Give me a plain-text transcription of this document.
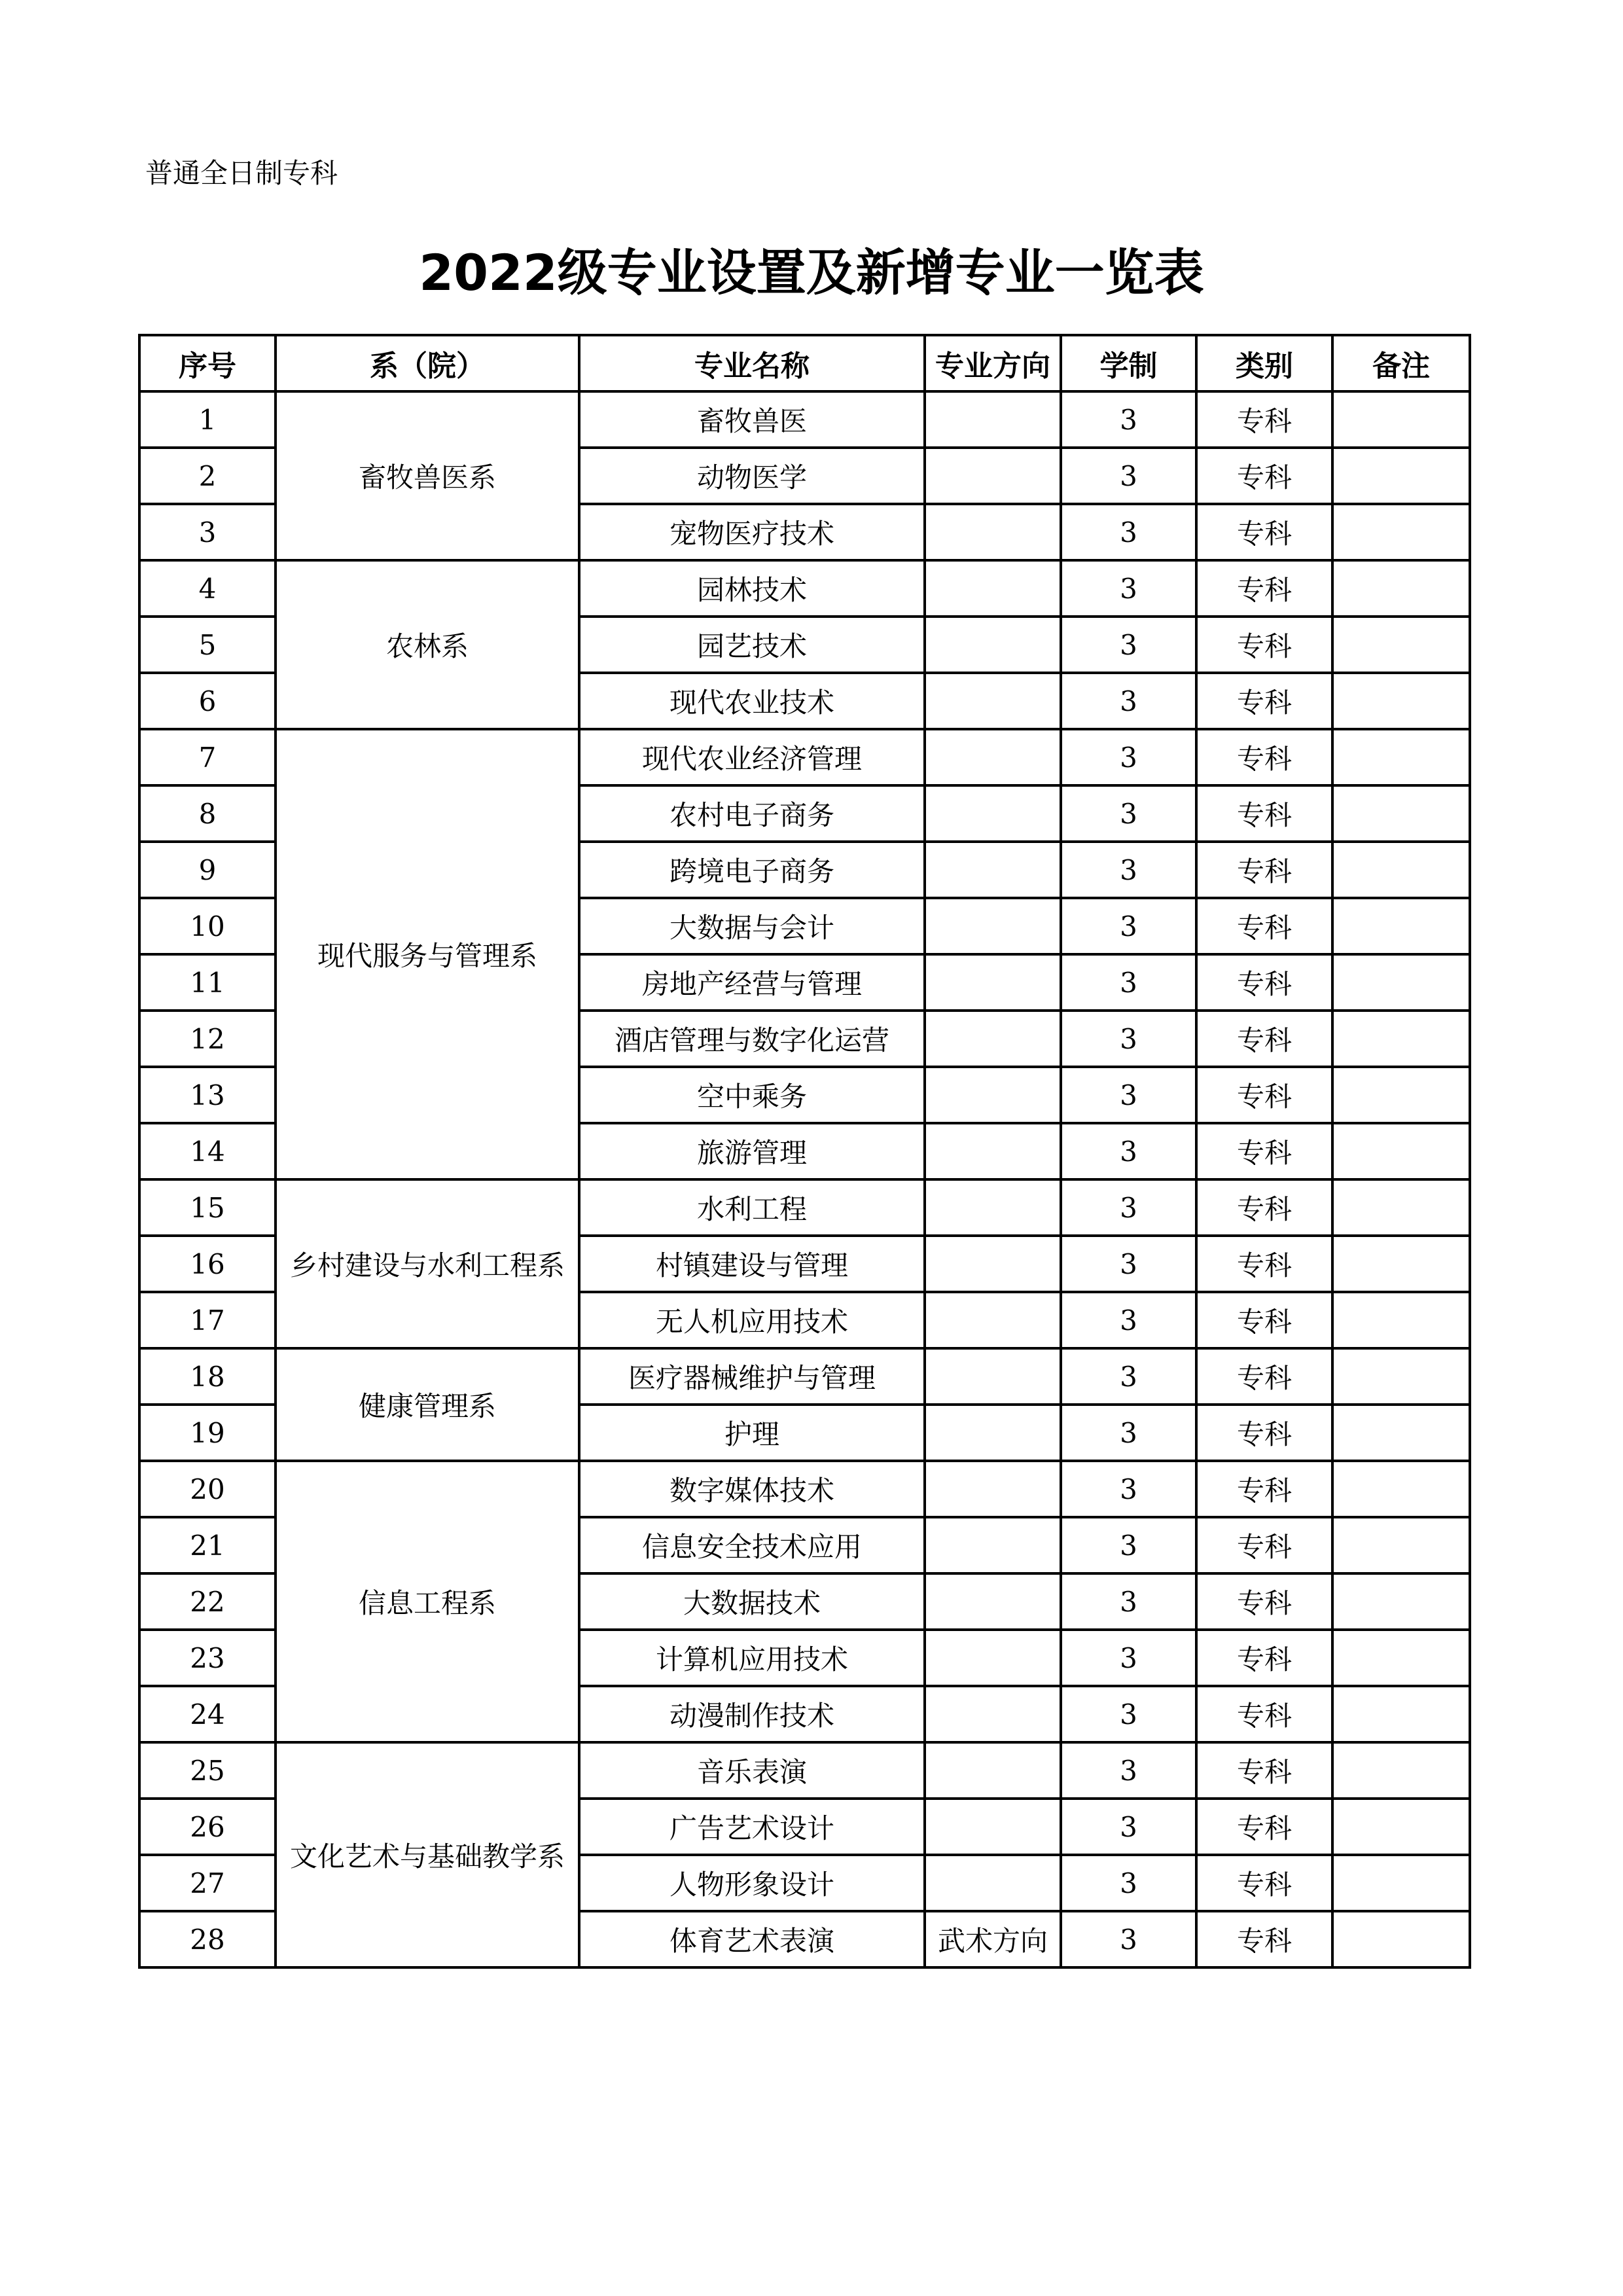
普通全日制专科
2022级专业设置及新增专业一览表
序号	系（院）	专业名称	专业方向	学制	类别	备注
1	畜牧兽医系	畜牧兽医		3	专科	
2		动物医学		3	专科	
3		宠物医疗技术		3	专科	
4	农林系	园林技术		3	专科	
5		园艺技术		3	专科	
6		现代农业技术		3	专科	
7	现代服务与管理系	现代农业经济管理		3	专科	
8		农村电子商务		3	专科	
9		跨境电子商务		3	专科	
10		大数据与会计		3	专科	
11		房地产经营与管理		3	专科	
12		酒店管理与数字化运营		3	专科	
13		空中乘务		3	专科	
14		旅游管理		3	专科	
15	乡村建设与水利工程系	水利工程		3	专科	
16		村镇建设与管理		3	专科	
17		无人机应用技术		3	专科	
18	健康管理系	医疗器械维护与管理		3	专科	
19		护理		3	专科	
20	信息工程系	数字媒体技术		3	专科	
21		信息安全技术应用		3	专科	
22		大数据技术		3	专科	
23		计算机应用技术		3	专科	
24		动漫制作技术		3	专科	
25	文化艺术与基础教学系	音乐表演		3	专科	
26		广告艺术设计		3	专科	
27		人物形象设计		3	专科	
28		体育艺术表演	武术方向	3	专科	
